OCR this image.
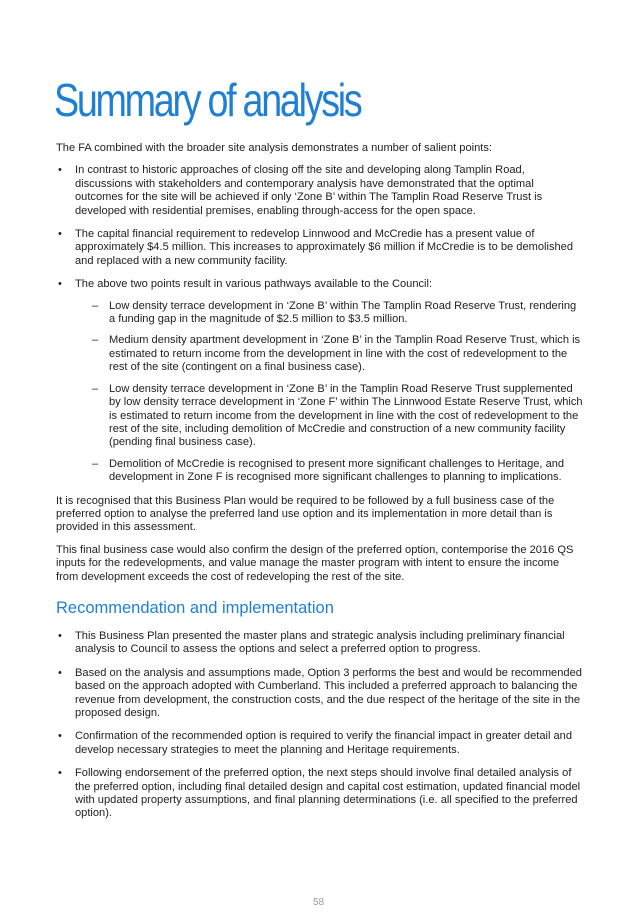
Summary of analysis

The FA combined with the broader site analysis demonstrates a number of salient points:

• In contrast to historic approaches of closing off the site and developing along Tamplin Road, discussions with stakeholders and contemporary analysis have demonstrated that the optimal outcomes for the site will be achieved if only ‘Zone B’ within The Tamplin Road Reserve Trust is developed with residential premises, enabling through-access for the open space.
• The capital financial requirement to redevelop Linnwood and McCredie has a present value of approximately $4.5 million. This increases to approximately $6 million if McCredie is to be demolished and replaced with a new community facility.
• The above two points result in various pathways available to the Council:
– Low density terrace development in ‘Zone B’ within The Tamplin Road Reserve Trust, rendering a funding gap in the magnitude of $2.5 million to $3.5 million.
– Medium density apartment development in ‘Zone B’ in the Tamplin Road Reserve Trust, which is estimated to return income from the development in line with the cost of redevelopment to the rest of the site (contingent on a final business case).
– Low density terrace development in ‘Zone B’ in the Tamplin Road Reserve Trust supplemented by low density terrace development in ‘Zone F’ within The Linnwood Estate Reserve Trust, which is estimated to return income from the development in line with the cost of redevelopment to the rest of the site, including demolition of McCredie and construction of a new community facility (pending final business case).
– Demolition of McCredie is recognised to present more significant challenges to Heritage, and development in Zone F is recognised more significant challenges to planning to implications.

It is recognised that this Business Plan would be required to be followed by a full business case of the preferred option to analyse the preferred land use option and its implementation in more detail than is provided in this assessment.

This final business case would also confirm the design of the preferred option, contemporise the 2016 QS inputs for the redevelopments, and value manage the master program with intent to ensure the income from development exceeds the cost of redeveloping the rest of the site.

Recommendation and implementation
• This Business Plan presented the master plans and strategic analysis including preliminary financial analysis to Council to assess the options and select a preferred option to progress.
• Based on the analysis and assumptions made, Option 3 performs the best and would be recommended based on the approach adopted with Cumberland. This included a preferred approach to balancing the revenue from development, the construction costs, and the due respect of the heritage of the site in the proposed design.
• Confirmation of the recommended option is required to verify the financial impact in greater detail and develop necessary strategies to meet the planning and Heritage requirements.
• Following endorsement of the preferred option, the next steps should involve final detailed analysis of the preferred option, including final detailed design and capital cost estimation, updated financial model with updated property assumptions, and final planning determinations (i.e. all specified to the preferred option).
58
